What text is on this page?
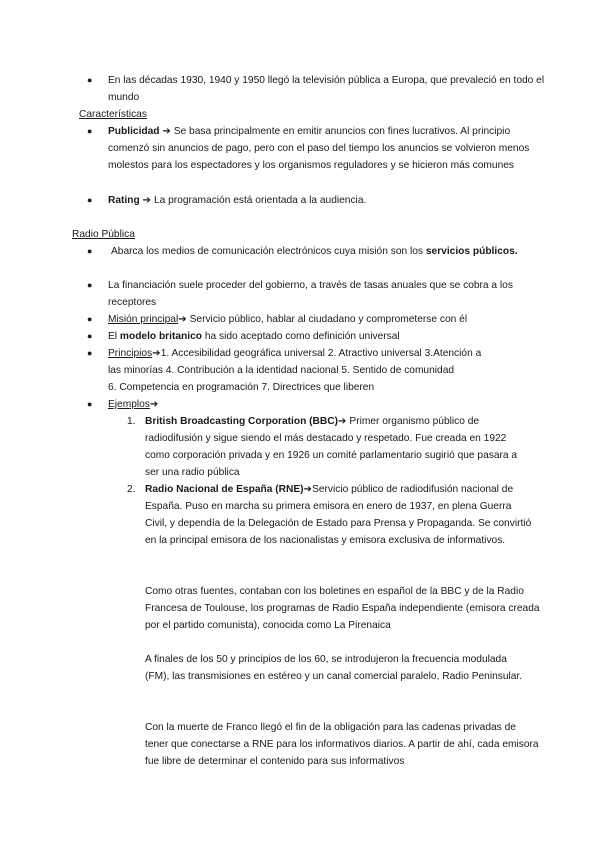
● En las décadas 1930, 1940 y 1950 llegó la televisión pública a Europa, que prevaleció en todo el mundo
Características
● Publicidad ➔ Se basa principalmente en emitir anuncios con fines lucrativos. Al principio comenzó sin anuncios de pago, pero con el paso del tiempo los anuncios se volvieron menos molestos para los espectadores y los organismos reguladores y se hicieron más comunes
● Rating ➔ La programación está orientada a la audiencia.
Radio Pública
● Abarca los medios de comunicación electrónicos cuya misión son los servicios públicos.
● La financiación suele proceder del gobierno, a través de tasas anuales que se cobra a los receptores
● Misión principal➔ Servicio público, hablar al ciudadano y comprometerse con él
● El modelo britanico ha sido aceptado como definición universal
● Principios➔1. Accesibilidad geográfica universal 2. Atractivo universal 3.Atención a
las minorías 4. Contribución a la identidad nacional 5. Sentido de comunidad
6. Competencia en programación 7. Directrices que liberen
● Ejemplos➔
1. British Broadcasting Corporation (BBC)➔ Primer organismo público de radiodifusión y sigue siendo el más destacado y respetado. Fue creada en 1922 como corporación privada y en 1926 un comité parlamentario sugirió que pasara a ser una radio pública
2. Radio Nacional de España (RNE)➔Servicio público de radiodifusión nacional de España. Puso en marcha su primera emisora en enero de 1937, en plena Guerra Civil, y dependía de la Delegación de Estado para Prensa y Propaganda. Se convirtió en la principal emisora de los nacionalistas y emisora exclusiva de informativos.
Como otras fuentes, contaban con los boletines en español de la BBC y de la Radio Francesa de Toulouse, los programas de Radio España independiente (emisora creada por el partido comunista), conocida como La Pirenaica
A finales de los 50 y principios de los 60, se introdujeron la frecuencia modulada (FM), las transmisiones en estéreo y un canal comercial paralelo, Radio Peninsular.
Con la muerte de Franco llegó el fin de la obligación para las cadenas privadas de tener que conectarse a RNE para los informativos diarios. A partir de ahí, cada emisora fue libre de determinar el contenido para sus informativos
